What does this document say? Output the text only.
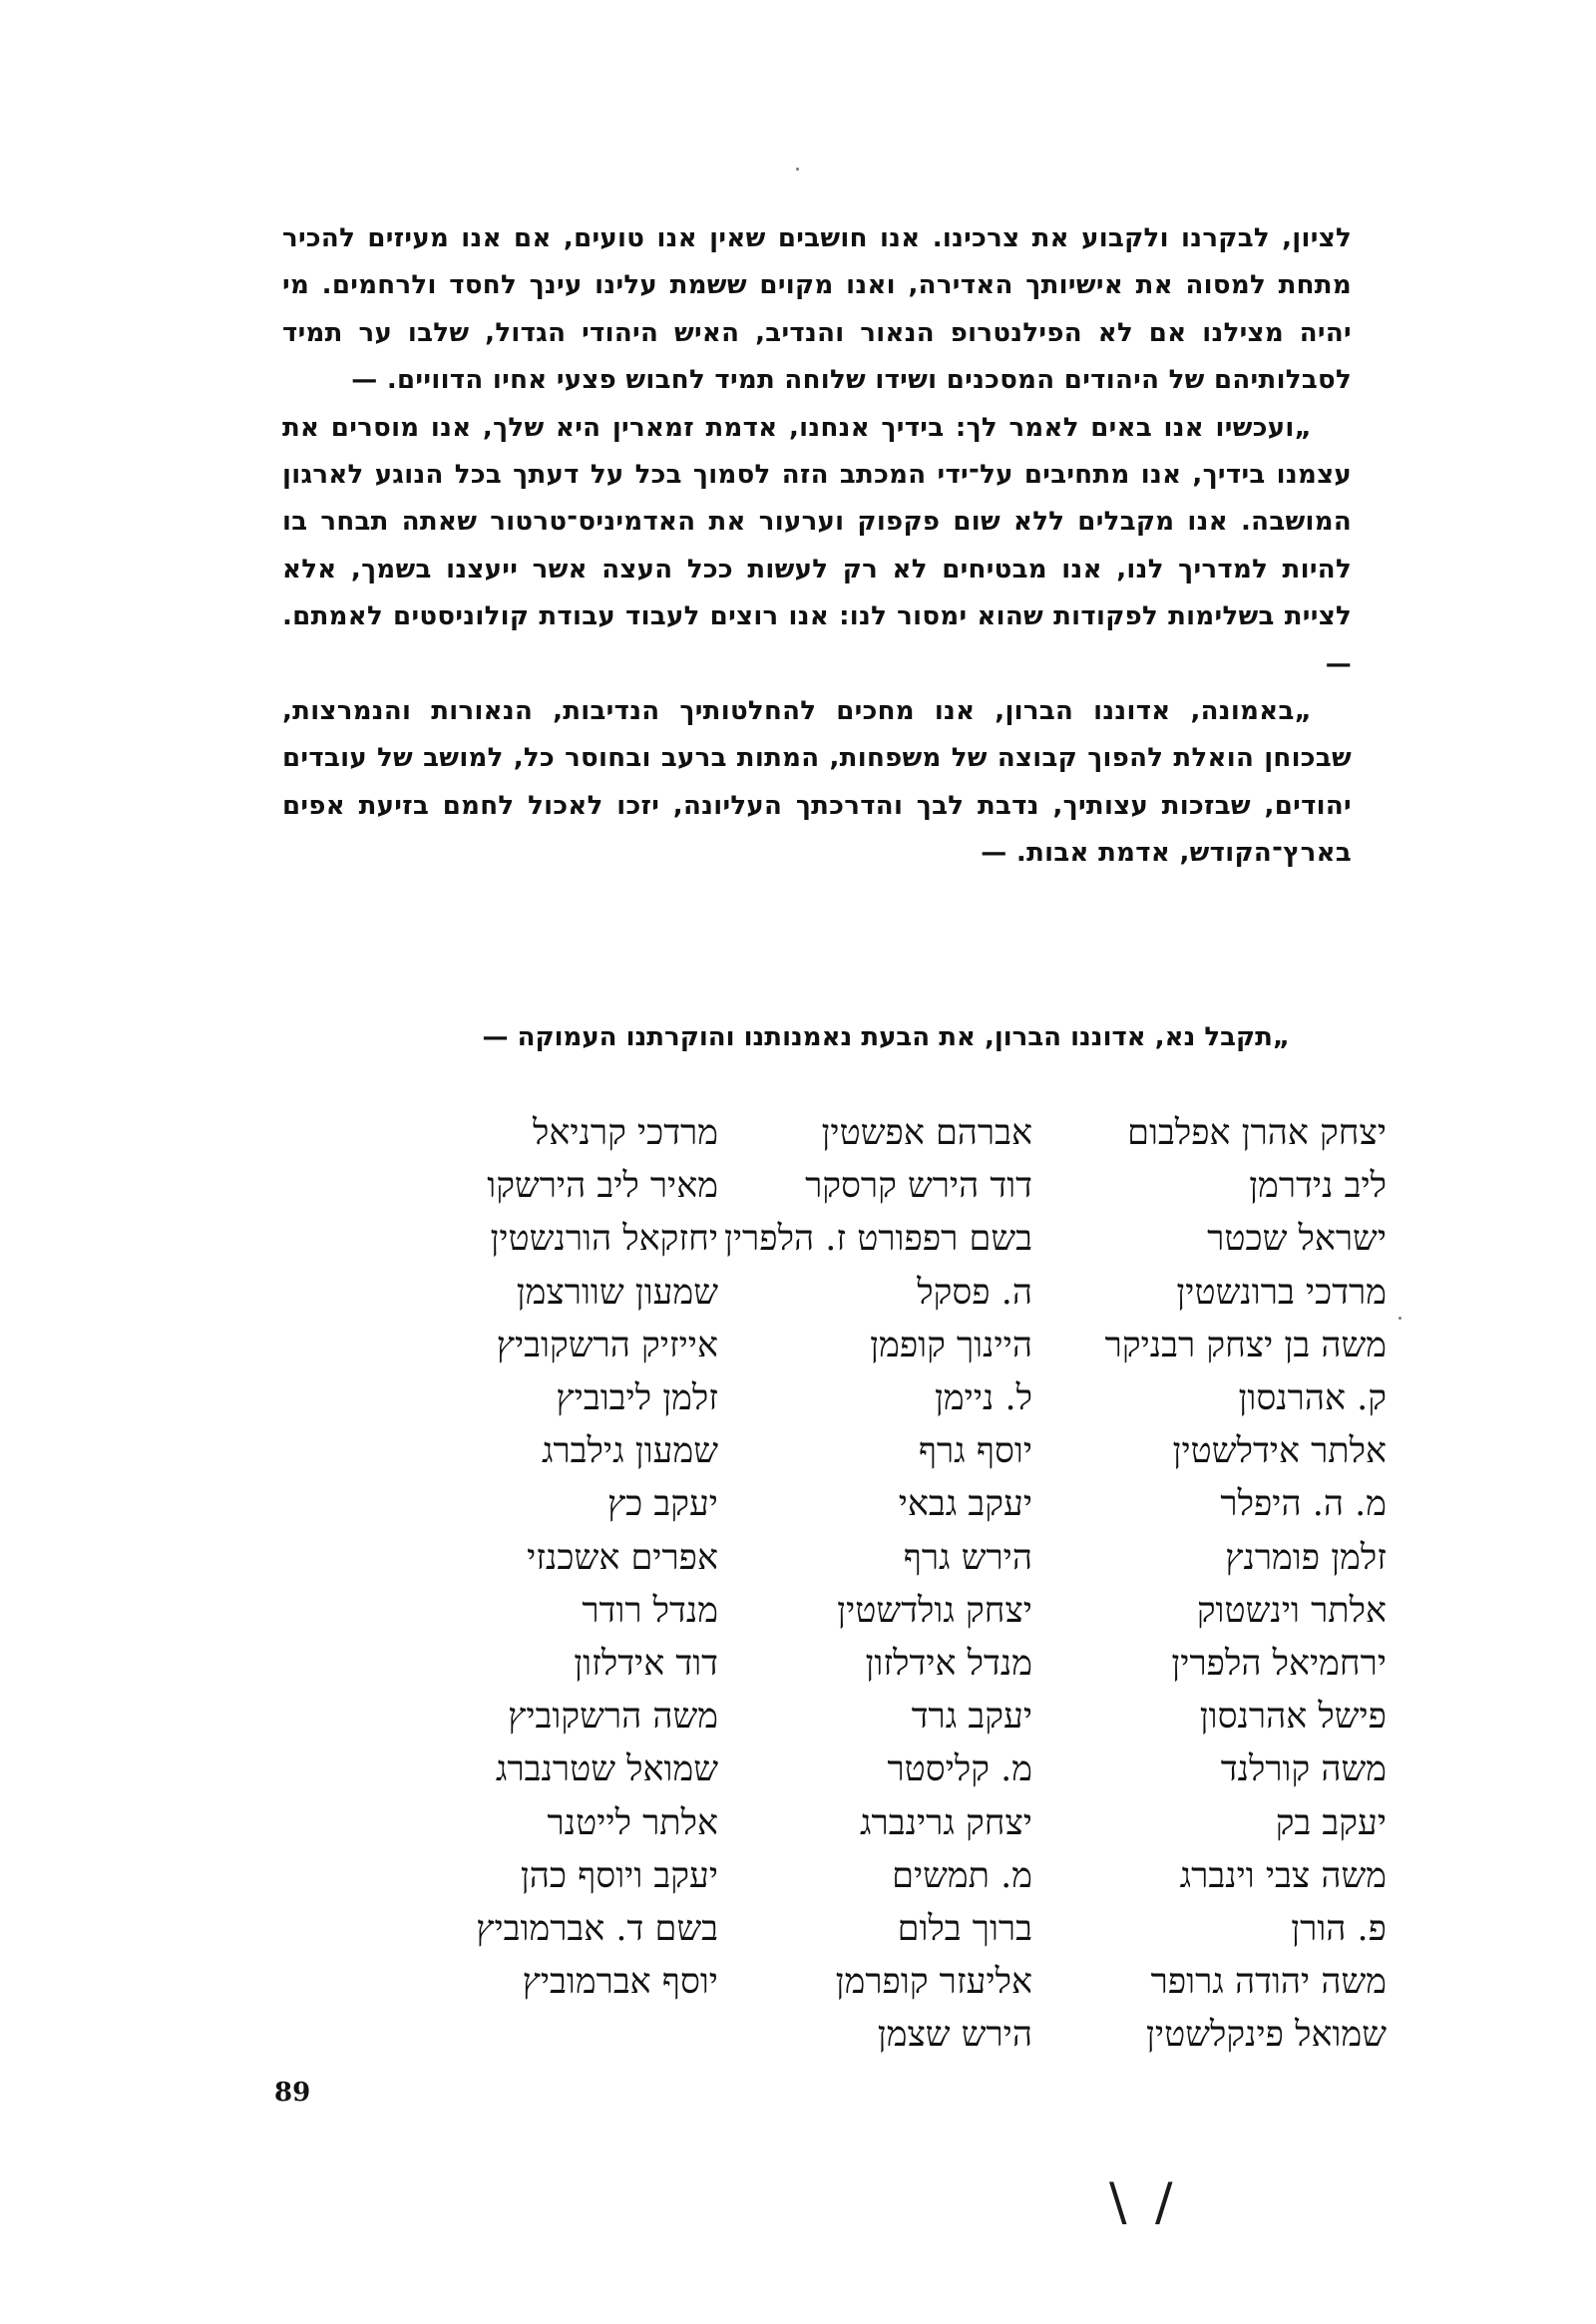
לציון, לבקרנו ולקבוע את צרכינו. אנו חושבים שאין אנו טועים, אם אנו מעיזים להכיר מתחת למסוה את אישיותך האדירה, ואנו מקוים ששמת עלינו עינך לחסד ולרחמים. מי יהיה מצילנו אם לא הפילנטרופ הנאור והנדיב, האיש היהודי הגדול, שלבו ער תמיד לסבלותיהם של היהודים המסכנים ושידו שלוחה תמיד לחבוש פצעי אחיו הדוויים. —

„ועכשיו אנו באים לאמר לך: בידיך אנחנו, אדמת זמארין היא שלך, אנו מוסרים את עצמנו בידיך, אנו מתחיבים על־ידי המכתב הזה לסמוך בכל על דעתך בכל הנוגע לארגון המושבה. אנו מקבלים ללא שום פקפוק וערעור את האדמיניס־טרטור שאתה תבחר בו להיות למדריך לנו, אנו מבטיחים לא רק לעשות ככל העצה אשר ייעצנו בשמך, אלא לציית בשלימות לפקודות שהוא ימסור לנו: אנו רוצים לעבוד עבודת קולוניסטים לאמתם. —

„באמונה, אדוננו הברון, אנו מחכים להחלטותיך הנדיבות, הנאורות והנמרצות, שבכוחן הואלת להפוך קבוצה של משפחות, המתות ברעב ובחוסר כל, למושב של עובדים יהודים, שבזכות עצותיך, נדבת לבך והדרכתך העליונה, יזכו לאכול לחמם בזיעת אפים בארץ־הקודש, אדמת אבות. —

„תקבל נא, אדוננו הברון, את הבעת נאמנותנו והוקרתנו העמוקה —
יצחק אהרן אפלבום
ליב נידרמן
ישראל שכטר
מרדכי ברונשטין
משה בן יצחק רבניקר
ק. אהרנסון
אלתר אידלשטין
מ. ה. היפלר
זלמן פומרנץ
אלתר וינשטוק
ירחמיאל הלפרין
פישל אהרנסון
משה קורלנד
יעקב בק
משה צבי וינברג
פ. הורן
משה יהודה גרופר
שמואל פינקלשטין
אברהם אפשטין
דוד הירש קרסקר
בשם רפפורט ז. הלפרין
ה. פסקל
היינוך קופמן
ל. ניימן
יוסף גרף
יעקב גבאי
הירש גרף
יצחק גולדשטין
מנדל אידלזון
יעקב גרד
מ. קליסטר
יצחק גרינברג
מ. תמשים
ברוך בלום
אליעזר קופרמן
הירש שצמן
מרדכי קרניאל
מאיר ליב הירשקו
יחזקאל הורנשטין
שמעון שוורצמן
אייזיק הרשקוביץ
זלמן ליבוביץ
שמעון גילברג
יעקב כץ
אפרים אשכנזי
מנדל רודר
דוד אידלזון
משה הרשקוביץ
שמואל שטרנברג
אלתר לייטנר
יעקב ויוסף כהן
בשם ד. אברמוביץ
יוסף אברמוביץ
89
\ /
